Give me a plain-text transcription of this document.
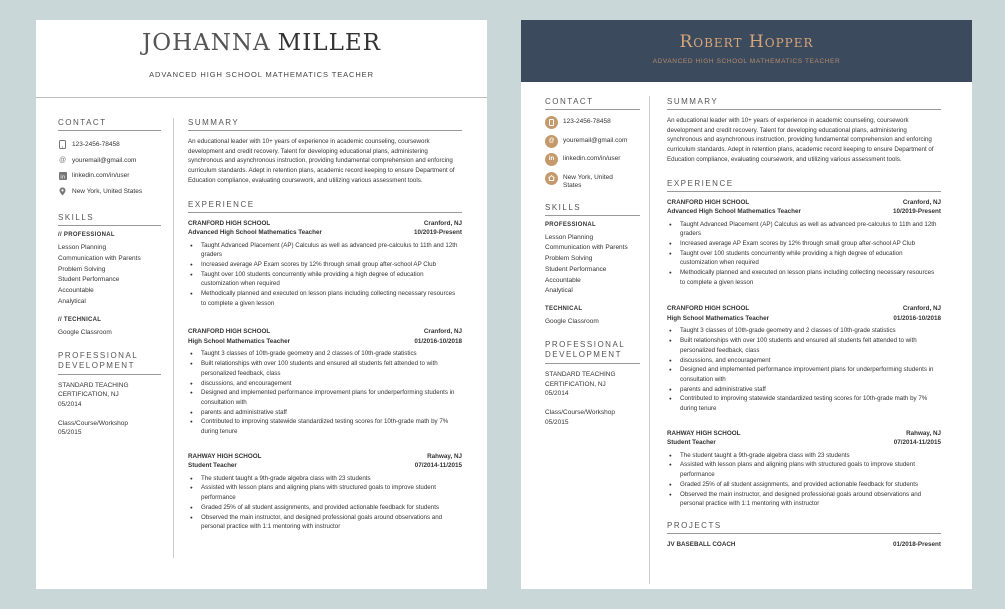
JOHANNA MILLER
ADVANCED HIGH SCHOOL MATHEMATICS TEACHER
CONTACT
123-2456-78458
@ youremail@gmail.com
in linkedin.com/in/user
New York, United States
SKILLS
// PROFESSIONAL
Lesson Planning
Communication with Parents
Problem Solving
Student Performance
Accountable
Analytical
// TECHNICAL
Google Classroom
PROFESSIONAL
DEVELOPMENT
STANDARD TEACHING
CERTIFICATION, NJ
05/2014
Class/Course/Workshop
05/2015
SUMMARY
An educational leader with 10+ years of experience in academic counseling, coursework development and credit recovery. Talent for developing educational plans, administering synchronous and asynchronous instruction, providing fundamental comprehension and enforcing curriculum standards. Adept in retention plans, academic record keeping to ensure Department of Education compliance, evaluating coursework, and utilizing various assessment tools.
EXPERIENCE
CRANFORD HIGH SCHOOL	Cranford, NJ
Advanced High School Mathematics Teacher	10/2019-Present
● Taught Advanced Placement (AP) Calculus as well as advanced pre-calculus to 11th and 12th graders
● Increased average AP Exam scores by 12% through small group after-school AP Club
● Taught over 100 students concurrently while providing a high degree of education customization when required
● Methodically planned and executed on lesson plans including collecting necessary resources to complete a given lesson
CRANFORD HIGH SCHOOL	Cranford, NJ
High School Mathematics Teacher	01/2016-10/2018
● Taught 3 classes of 10th-grade geometry and 2 classes of 10th-grade statistics
● Built relationships with over 100 students and ensured all students felt attended to with personalized feedback, class
● discussions, and encouragement
● Designed and implemented performance improvement plans for underperforming students in consultation with
● parents and administrative staff
● Contributed to improving statewide standardized testing scores for 10th-grade math by 7% during tenure
RAHWAY HIGH SCHOOL	Rahway, NJ
Student Teacher	07/2014-11/2015
● The student taught a 9th-grade algebra class with 23 students
● Assisted with lesson plans and aligning plans with structured goals to improve student performance
● Graded 25% of all student assignments, and provided actionable feedback for students
● Observed the main instructor, and designed professional goals around observations and personal practice with 1:1 mentoring with instructor
Robert Hopper
ADVANCED HIGH SCHOOL MATHEMATICS TEACHER
CONTACT
123-2456-78458
@	youremail@gmail.com
in	linkedin.com/in/user
New York, United States
SKILLS
PROFESSIONAL
Lesson Planning
Communication with Parents
Problem Solving
Student Performance
Accountable
Analytical
TECHNICAL
Google Classroom
PROFESSIONAL
DEVELOPMENT
STANDARD TEACHING
CERTIFICATION, NJ
05/2014
Class/Course/Workshop
05/2015
SUMMARY
An educational leader with 10+ years of experience in academic counseling, coursework development and credit recovery. Talent for developing educational plans, administering synchronous and asynchronous instruction, providing fundamental comprehension and enforcing curriculum standards. Adept in retention plans, academic record keeping to ensure Department of Education compliance, evaluating coursework, and utilizing various assessment tools.
EXPERIENCE
CRANFORD HIGH SCHOOL	Cranford, NJ
Advanced High School Mathematics Teacher	10/2019-Present
● Taught Advanced Placement (AP) Calculus as well as advanced pre-calculus to 11th and 12th graders
● Increased average AP Exam scores by 12% through small group after-school AP Club
● Taught over 100 students concurrently while providing a high degree of education customization when required
● Methodically planned and executed on lesson plans including collecting necessary resources to complete a given lesson
CRANFORD HIGH SCHOOL	Cranford, NJ
High School Mathematics Teacher	01/2016-10/2018
● Taught 3 classes of 10th-grade geometry and 2 classes of 10th-grade statistics
● Built relationships with over 100 students and ensured all students felt attended to with personalized feedback, class
● discussions, and encouragement
● Designed and implemented performance improvement plans for underperforming students in consultation with
● parents and administrative staff
● Contributed to improving statewide standardized testing scores for 10th-grade math by 7% during tenure
RAHWAY HIGH SCHOOL	Rahway, NJ
Student Teacher	07/2014-11/2015
● The student taught a 9th-grade algebra class with 23 students
● Assisted with lesson plans and aligning plans with structured goals to improve student performance
● Graded 25% of all student assignments, and provided actionable feedback for students
● Observed the main instructor, and designed professional goals around observations and personal practice with 1:1 mentoring with instructor
PROJECTS
JV BASEBALL COACH	01/2018-Present
